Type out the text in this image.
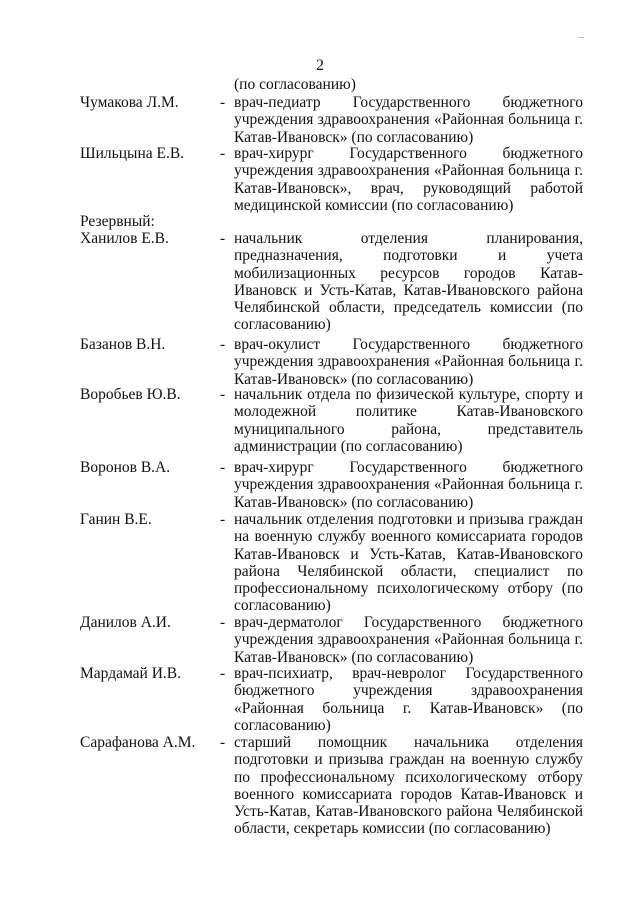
2
(по согласованию)
Чумакова Л.М.	- врач-педиатр Государственного бюджетного учреждения здравоохранения «Районная больница г. Катав-Ивановск» (по согласованию)
Шильцына Е.В. - врач-хирург Государственного бюджетного учреждения здравоохранения «Районная больница г. Катав-Ивановск», врач, руководящий работой медицинской комиссии (по согласованию)
Резервный:
Ханилов Е.В.	- начальник отделения планирования, предназначения, подготовки и учета мобилизационных ресурсов городов Катав-Ивановск и Усть-Катав, Катав-Ивановского района Челябинской области, председатель комиссии (по согласованию)
Базанов В.Н.	- врач-окулист Государственного бюджетного учреждения здравоохранения «Районная больница г. Катав-Ивановск» (по согласованию)
Воробьев Ю.В.	- начальник отдела по физической культуре, спорту и молодежной политике Катав-Ивановского муниципального района, представитель администрации (по согласованию)
Воронов В.А.	- врач-хирург Государственного бюджетного учреждения здравоохранения «Районная больница г. Катав-Ивановск» (по согласованию)
Ганин В.Е.	- начальник отделения подготовки и призыва граждан на военную службу военного комиссариата городов Катав-Ивановск и Усть-Катав, Катав-Ивановского района Челябинской области, специалист по профессиональному психологическому отбору (по согласованию)
Данилов А.И.	- врач-дерматолог Государственного бюджетного учреждения здравоохранения «Районная больница г. Катав-Ивановск» (по согласованию)
Мардамай И.В.	- врач-психиатр, врач-невролог Государственного бюджетного учреждения здравоохранения «Районная больница г. Катав-Ивановск» (по согласованию)
Сарафанова А.М. - старший помощник начальника отделения подготовки и призыва граждан на военную службу по профессиональному психологическому отбору военного комиссариата городов Катав-Ивановск и Усть-Катав, Катав-Ивановского района Челябинской области, секретарь комиссии (по согласованию)
